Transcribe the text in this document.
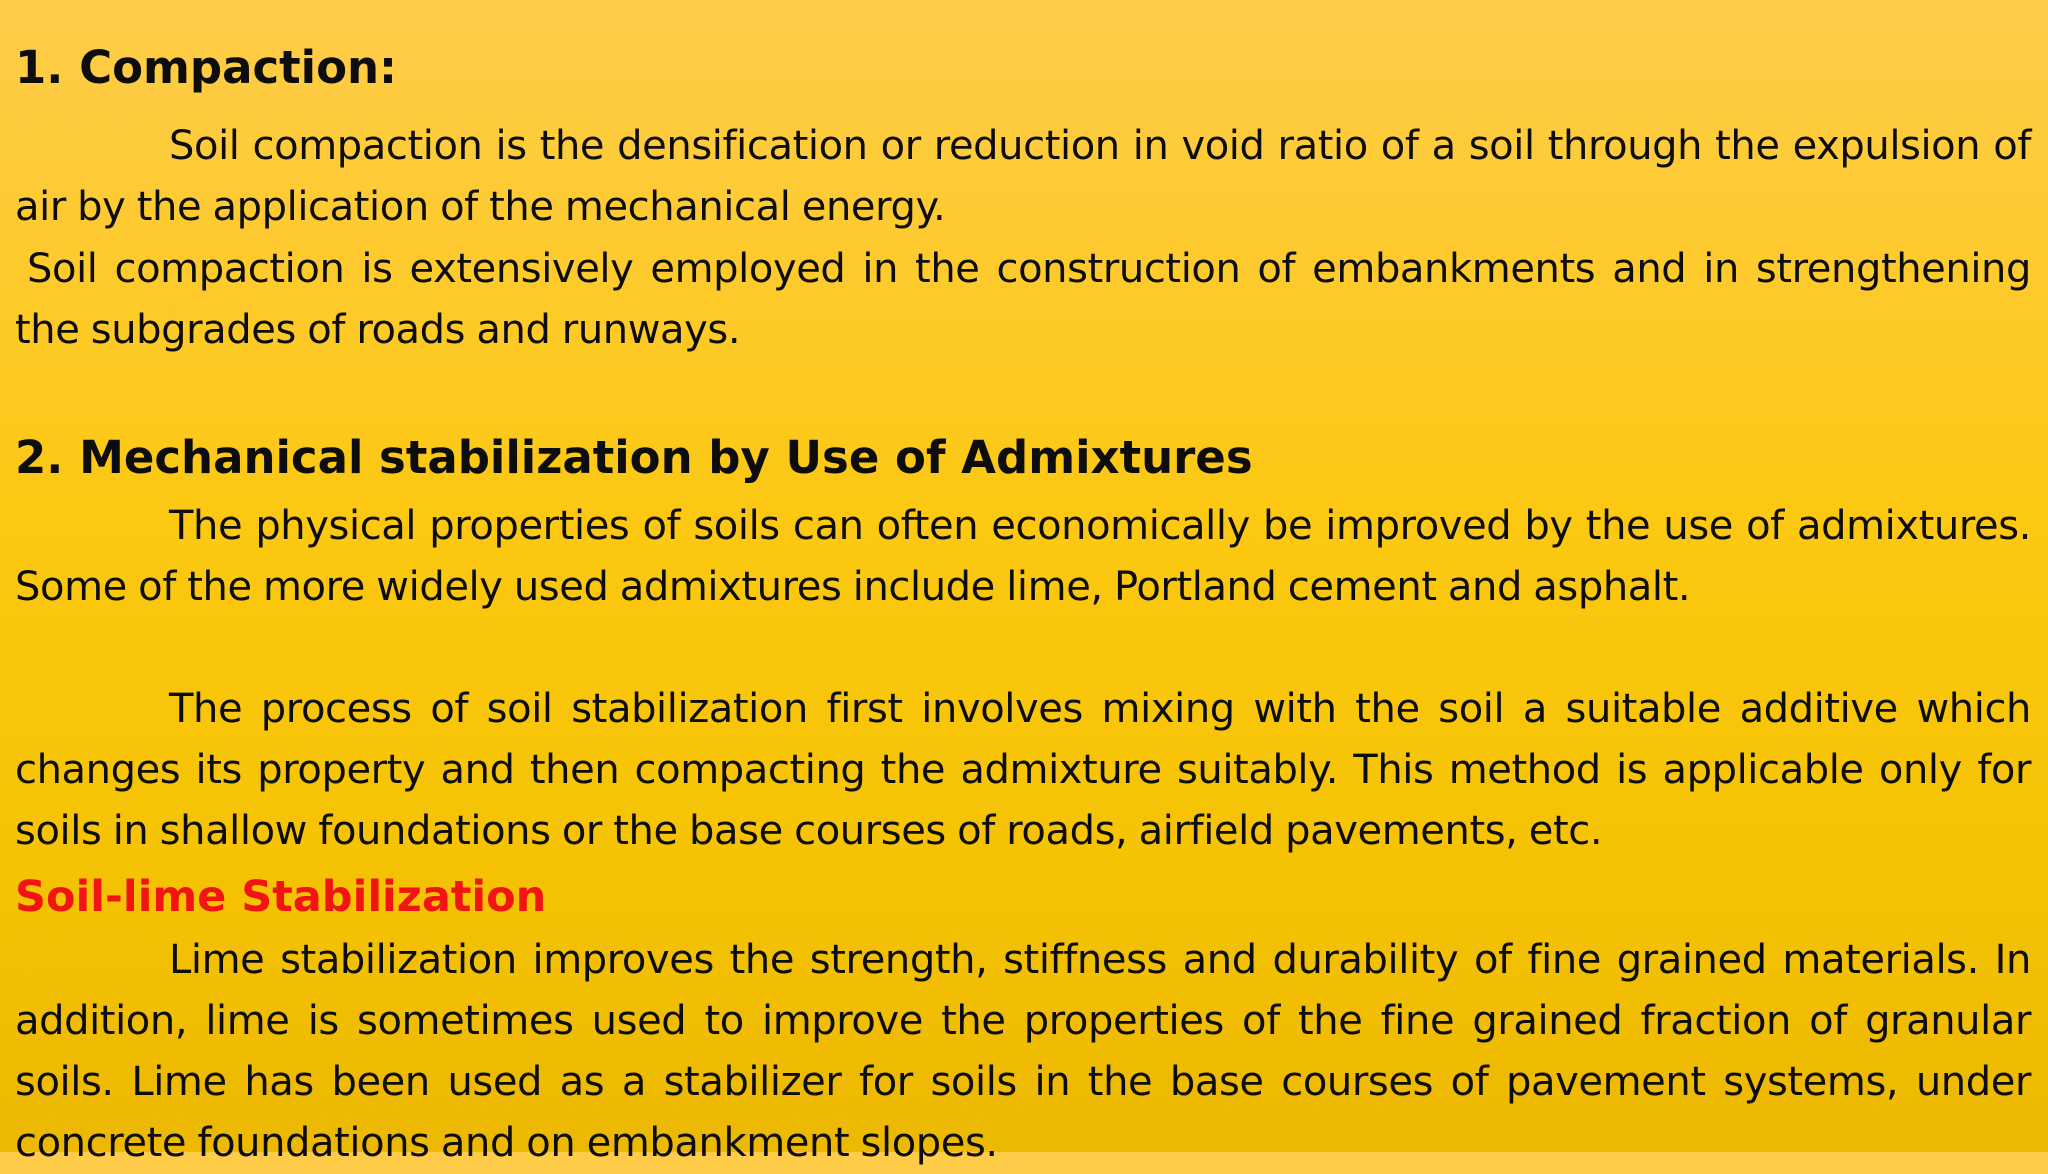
1. Compaction:

Soil compaction is the densification or reduction in void ratio of a soil through the expulsion of air by the application of the mechanical energy.

Soil compaction is extensively employed in the construction of embankments and in strengthening the subgrades of roads and runways.

2. Mechanical stabilization by Use of Admixtures

The physical properties of soils can often economically be improved by the use of admixtures. Some of the more widely used admixtures include lime, Portland cement and asphalt.

The process of soil stabilization first involves mixing with the soil a suitable additive which changes its property and then compacting the admixture suitably. This method is applicable only for soils in shallow foundations or the base courses of roads, airfield pavements, etc.

Soil-lime Stabilization

Lime stabilization improves the strength, stiffness and durability of fine grained materials. In addition, lime is sometimes used to improve the properties of the fine grained fraction of granular soils. Lime has been used as a stabilizer for soils in the base courses of pavement systems, under concrete foundations and on embankment slopes.
